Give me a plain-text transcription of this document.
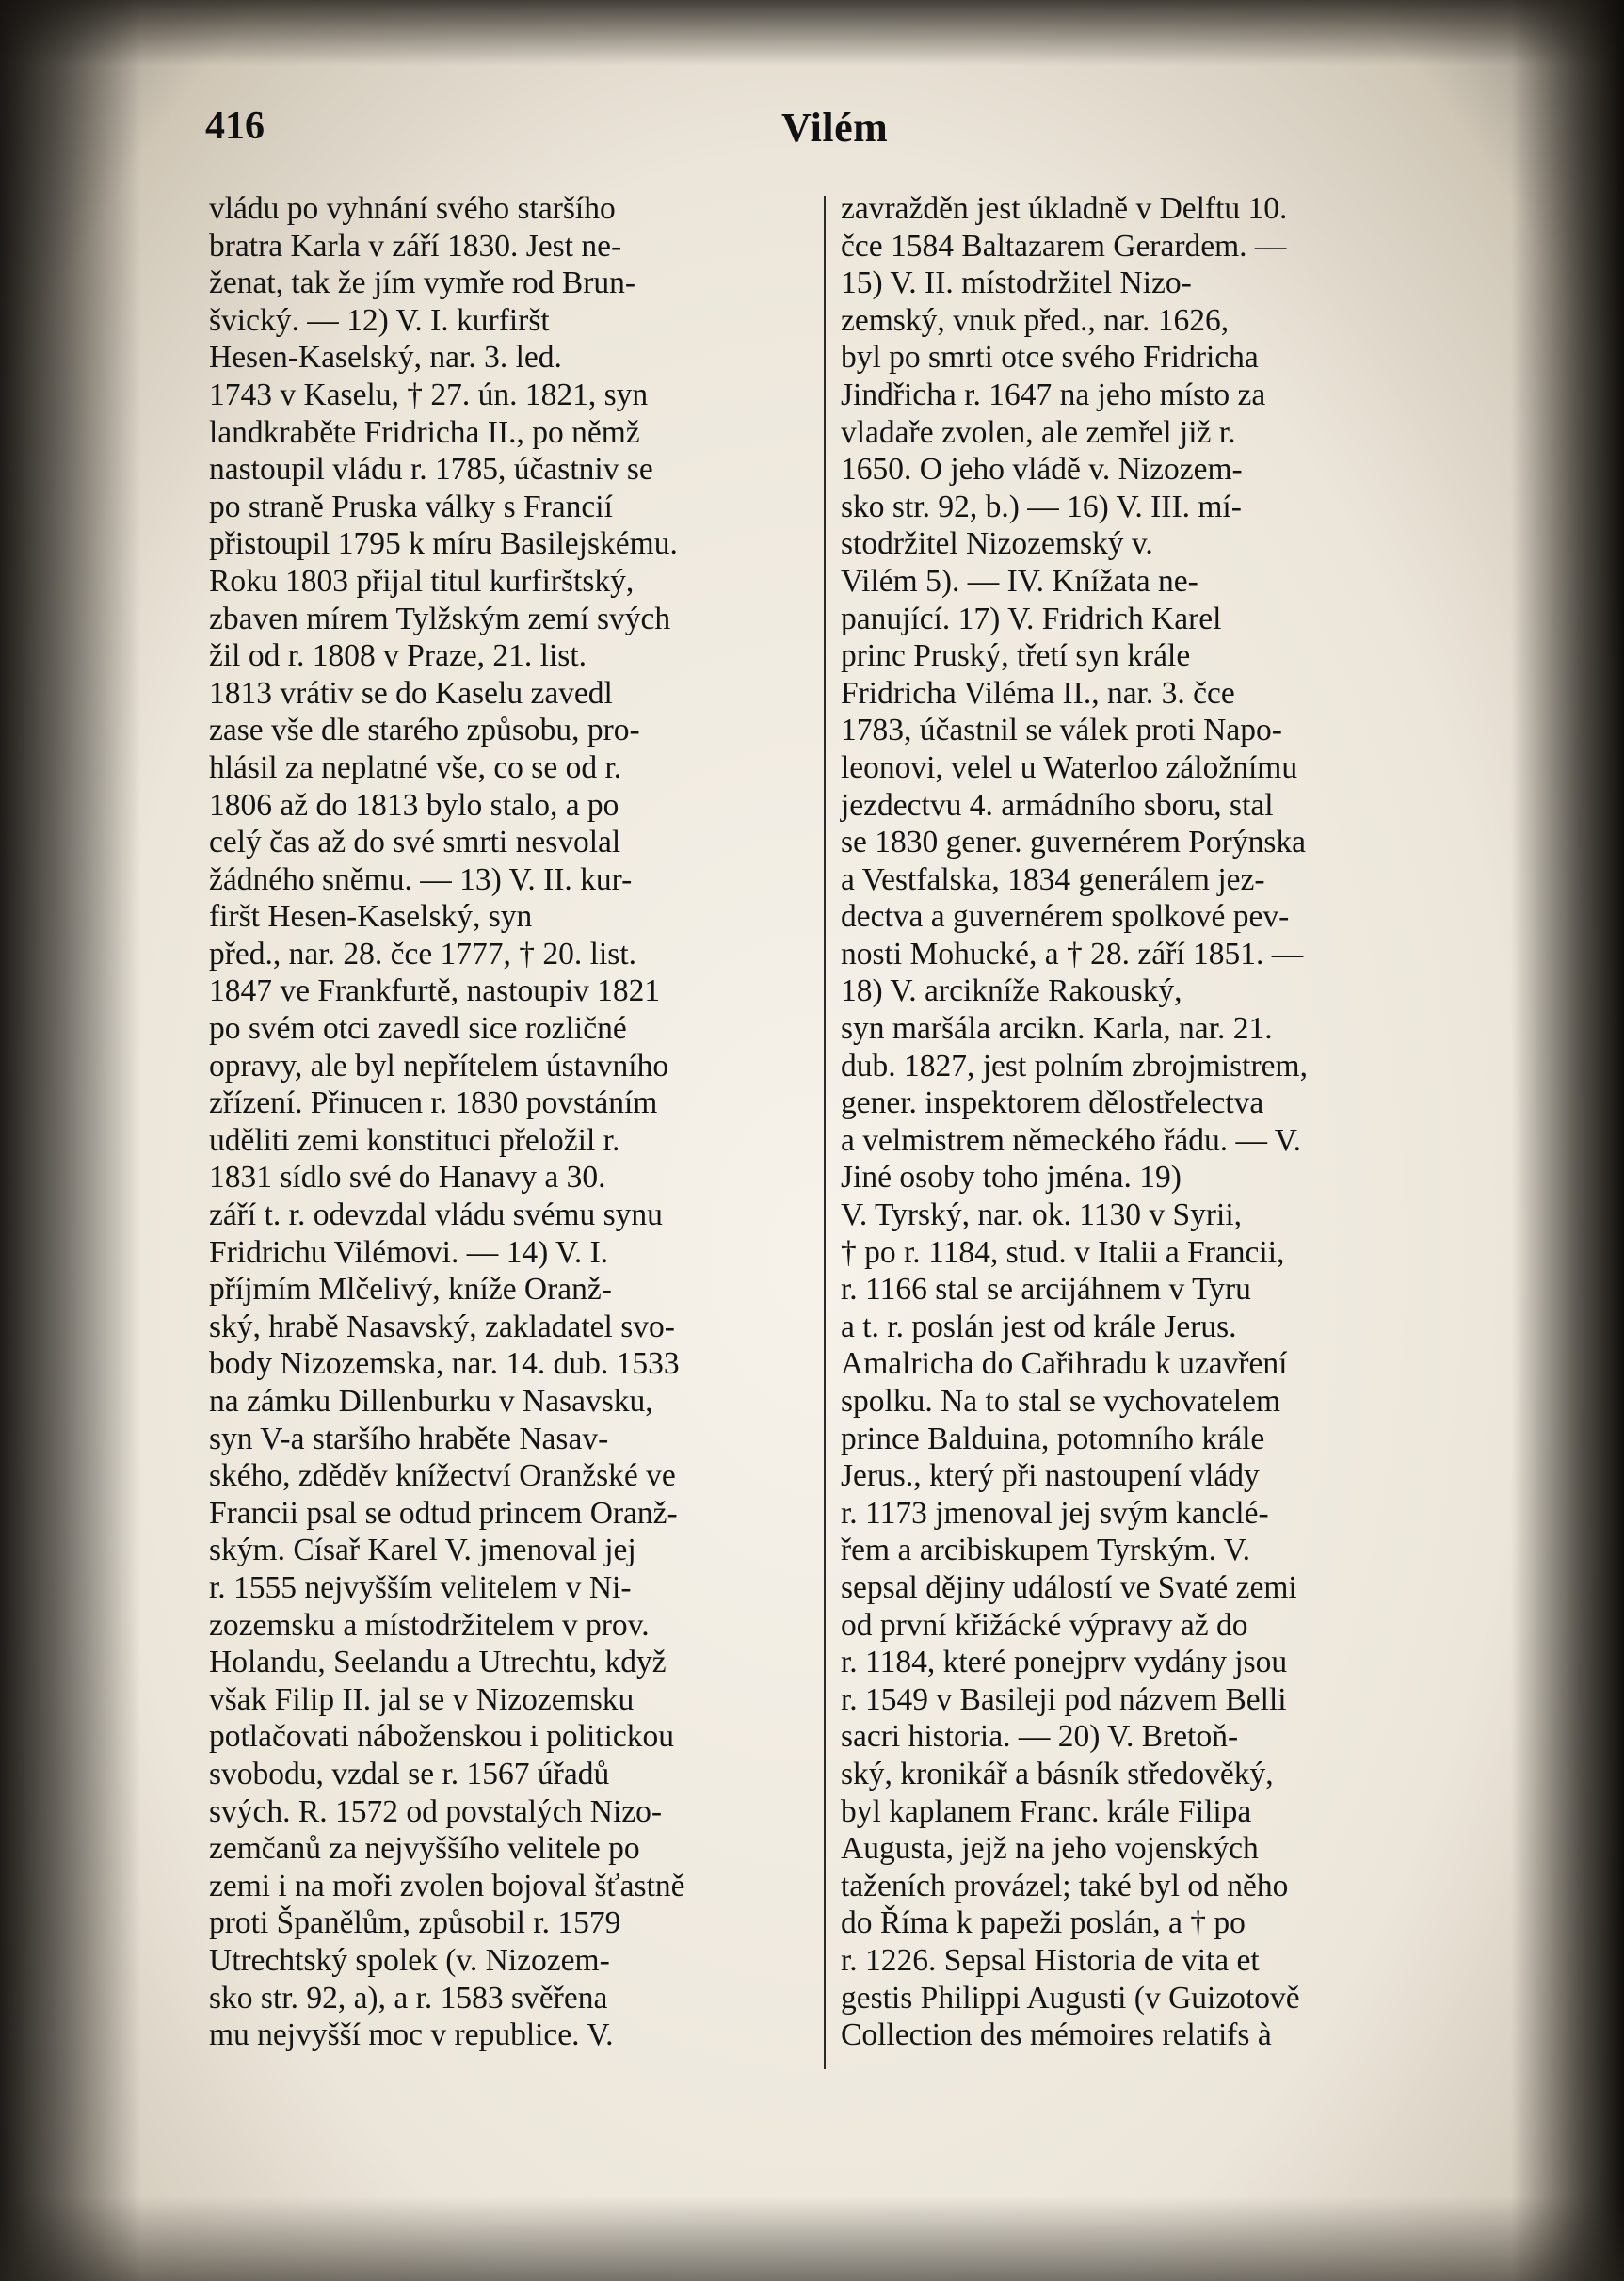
416	Vilém
vládu po vyhnání svého staršího
bratra Karla v září 1830. Jest ne-
ženat, tak že jím vymře rod Brun-
švický. — 12) V. I. kurfiršt
Hesen-Kaselský, nar. 3. led.
1743 v Kaselu, † 27. ún. 1821, syn
landkraběte Fridricha II., po němž
nastoupil vládu r. 1785, účastniv se
po straně Pruska války s Francií
přistoupil 1795 k míru Basilejskému.
Roku 1803 přijal titul kurfirštský,
zbaven mírem Tylžským zemí svých
žil od r. 1808 v Praze, 21. list.
1813 vrátiv se do Kaselu zavedl
zase vše dle starého způsobu, pro-
hlásil za neplatné vše, co se od r.
1806 až do 1813 bylo stalo, a po
celý čas až do své smrti nesvolal
žádného sněmu. — 13) V. II. kur-
firšt Hesen-Kaselský, syn
před., nar. 28. čce 1777, † 20. list.
1847 ve Frankfurtě, nastoupiv 1821
po svém otci zavedl sice rozličné
opravy, ale byl nepřítelem ústavního
zřízení. Přinucen r. 1830 povstáním
uděliti zemi konstituci přeložil r.
1831 sídlo své do Hanavy a 30.
září t. r. odevzdal vládu svému synu
Fridrichu Vilémovi. — 14) V. I.
příjmím Mlčelivý, kníže Oranž-
ský, hrabě Nasavský, zakladatel svo-
body Nizozemska, nar. 14. dub. 1533
na zámku Dillenburku v Nasavsku,
syn V-a staršího hraběte Nasav-
ského, zděděv knížectví Oranžské ve
Francii psal se odtud princem Oranž-
ským. Císař Karel V. jmenoval jej
r. 1555 nejvyšším velitelem v Ni-
zozemsku a místodržitelem v prov.
Holandu, Seelandu a Utrechtu, když
však Filip II. jal se v Nizozemsku
potlačovati náboženskou i politickou
svobodu, vzdal se r. 1567 úřadů
svých. R. 1572 od povstalých Nizo-
zemčanů za nejvyššího velitele po
zemi i na moři zvolen bojoval šťastně
proti Španělům, způsobil r. 1579
Utrechtský spolek (v. Nizozem-
sko str. 92, a), a r. 1583 svěřena
mu nejvyšší moc v republice. V.
zavražděn jest úkladně v Delftu 10.
čce 1584 Baltazarem Gerardem. —
15) V. II. místodržitel Nizo-
zemský, vnuk před., nar. 1626,
byl po smrti otce svého Fridricha
Jindřicha r. 1647 na jeho místo za
vladaře zvolen, ale zemřel již r.
1650. O jeho vládě v. Nizozem-
sko str. 92, b.) — 16) V. III. mí-
stodržitel Nizozemský v.
Vilém 5). — IV. Knížata ne-
panující. 17) V. Fridrich Karel
princ Pruský, třetí syn krále
Fridricha Viléma II., nar. 3. čce
1783, účastnil se válek proti Napo-
leonovi, velel u Waterloo záložnímu
jezdectvu 4. armádního sboru, stal
se 1830 gener. guvernérem Porýnska
a Vestfalska, 1834 generálem jez-
dectva a guvernérem spolkové pev-
nosti Mohucké, a † 28. září 1851. —
18) V. arcikníže Rakouský,
syn maršála arcikn. Karla, nar. 21.
dub. 1827, jest polním zbrojmistrem,
gener. inspektorem dělostřelectva
a velmistrem německého řádu. — V.
Jiné osoby toho jména. 19)
V. Tyrský, nar. ok. 1130 v Syrii,
† po r. 1184, stud. v Italii a Francii,
r. 1166 stal se arcijáhnem v Tyru
a t. r. poslán jest od krále Jerus.
Amalricha do Cařihradu k uzavření
spolku. Na to stal se vychovatelem
prince Balduina, potomního krále
Jerus., který při nastoupení vlády
r. 1173 jmenoval jej svým kanclé-
řem a arcibiskupem Tyrským. V.
sepsal dějiny událostí ve Svaté zemi
od první křižácké výpravy až do
r. 1184, které ponejprv vydány jsou
r. 1549 v Basileji pod názvem Belli
sacri historia. — 20) V. Bretoň-
ský, kronikář a básník středověký,
byl kaplanem Franc. krále Filipa
Augusta, jejž na jeho vojenských
taženích provázel; také byl od něho
do Říma k papeži poslán, a † po
r. 1226. Sepsal Historia de vita et
gestis Philippi Augusti (v Guizotově
Collection des mémoires relatifs à
